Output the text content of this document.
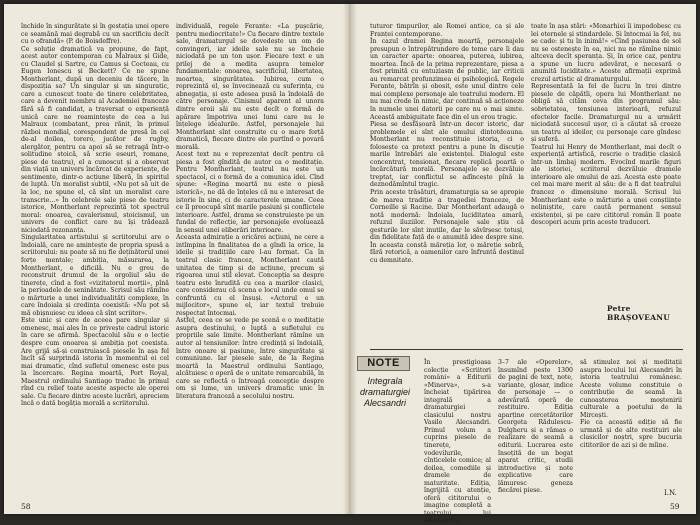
închide în singurătate și în gestația unei opere ce seamănă mai degrabă cu un sacrificiu decît cu o ofrandă» (P. de Boisdeffre).
Ce soluție dramatică va propune, de fapt, acest autor contemporan cu Malraux și Gide, cu Claudel și Sartre, cu Camus și Cocteau, cu Eugen Ionescu și Beckett? Ce ne spune Montherlant, după un deceniu de tăcere, în dispoziția sa? Un singular și un singuratic, care a cunoscut toate de tinere celebritatea, care a devenit membru al Academiei franceze fără să fi candidat, a traversat o experiență unică care ne reamintește de cea a lui Malraux (combatant, prea rănit, în primul război mondial, corespondent de presă în cel de-al doilea, torero, jucător de rugby, alergător, pentru ca apoi să se retragă într-o solitudine stoică, să scrie eseuri, romane, piese de teatru), el a cunoscut și a observat din viață un univers încărcat de experiențe, de sentimente, dintr-o acțiune liberă, în spiritul de luptă. Un moralist subtil, «Nu pot să uit de la loc, ne spune el, că sînt un moralist care transcrie...» În celebrele sale piese de teatru istorice, Montherlant reprezintă tot spectrul moral: onoarea, cavalerismul, stoicismul, un univers de conflict care nu își trădează niciodată rezonanța.
Singularitatea artistului și scriitorului are o îndoială, care ne amintește de propria spusă a scriitorului: nu poate să nu fie deținătorul unei forțe mentale; ambiția, măsurarea, la Montherlant, e dificilă. Nu e greu de reconstruit drumul de la orgoliul său de tinerețe, cînd a fost «vizitatorul morții», pînă la perioadele de seninătate. Scrisul său rămîne o mărturie a unei individualități complexe, în care îndoiala și credința coexistă: «Nu pot să mă obișnuiesc cu ideea că sînt scriitor».
Este unic și care de aceea pare singular și omenesc, mai ales în ce privește cadrul istoric în care se afirmă. Spectacolul său e o lecție despre cum onoarea și ambiția pot coexista. Are grijă să-și construiască piesele în așa fel încît să surprindă istoria în momentul ei cel mai dramatic, cînd sufletul omenesc este pus la încercare. Regina moartă, Port Royal, Maestrul ordinului Santiago traduc în primul rînd cu relief toate aceste aspecte ale operei sale. Cu fiecare dintre aceste lucrări, apreciem încă o dată bogăția morală a scriitorului.
individuală, regele Ferante: «La pușcărie, pentru mediocritate!» Cu fiecare dintre textele sale, dramaturgul se dovedește un om de convingeri, iar ideile sale nu se încheie niciodată pe un ton ușor. Fiecare text e un prilej de a medita asupra temelor fundamentale: onoarea, sacrificiul, libertatea, moartea, singurătatea. Iubirea, cum o reprezintă el, se învecinează cu suferința, cu abnegația, și este adesea pusă la îndoială de către personaje. Cinismul aparent al unora dintre eroii săi nu este decît o formă de apărare împotriva unei lumi care nu le înțelege idealurile. Astfel, personajele lui Montherlant sînt construite cu o mare forță dramatică, fiecare dintre ele purtînd o povară morală.
Acest text nu e reprezentat decît pentru că piesa a fost gîndită de autor ca o meditație. Pentru Montherlant, teatrul nu este un spectacol, ci o formă de a comunica idei. Cînd spune: «Regina moartă nu este o piesă istorică», ne dă de înțeles că nu e interesat de istorie în sine, ci de caracterele umane. Ceea ce îl preocupă sînt marile pasiuni și conflictele interioare. Astfel, drama se construiește pe un fundal de reflecție, iar personajele evoluează în sensul unei eliberări interioare.
Aceasta admirație a oricărei acțiuni, ne cere a intîmpina în finalitatea de a gîndi la orice, la ideile și tradițiile care l-au format. Ca în teatrul clasic francez, Montherlant caută unitatea de timp și de acțiune, precum și rigoarea unui stil elevat. Concepția sa despre teatru este înrudită cu cea a marilor clasici, care considerau că scena e locul unde omul se confruntă cu el însuși. «Actorul e un mijlocitor», spune el, iar textul trebuie respectat întocmai.
Astfel, ceea ce se vede pe scenă e o meditație asupra destinului, o luptă a sufletului cu propriile sale limite. Montherlant rămîne un autor al tensiunilor: între credință și îndoială, între onoare și pasiune, între singurătate și comuniune. Iar piesele sale, de la Regina moartă la Maestrul ordinului Santiago, alcătuiesc o operă de o unitate remarcabilă, în care se reflectă o întreagă concepție despre om și lume, un univers dramatic unic în literatura franceză a secolului nostru.
58
tuturor timpurilor, ale Romei antice, ca și ale Franței contemporane.
În cazul dramei Regina moartă, personajele presupun o întrepătrundere de teme care îi dau un caracter aparte: onoarea, puterea, iubirea, moartea. Încă de la prima reprezentare, piesa a fost primită cu entuziasm de public, iar criticii au remarcat profunzimea ei psihologică. Regele Ferante, bătrîn și obosit, este unul dintre cele mai complexe personaje ale teatrului modern. El nu mai crede în nimic, dar continuă să acționeze în numele unei datorii pe care nu o mai simte. Această ambiguitate face din el un erou tragic.
Piesa se desfășoară într-un decor istoric, dar problemele ei sînt ale omului dintotdeauna. Montherlant nu reconstituie istoria, ci o folosește ca pretext pentru a pune în discuție marile întrebări ale existenței. Dialogul este concentrat, tensionat, fiecare replică poartă o încărcătură morală. Personajele se dezvăluie treptat, iar conflictul se adîncește pînă la deznodămîntul tragic.
Prin aceste trăsături, dramaturgia sa se apropie de marea tradiție a tragediei franceze, de Corneille și Racine. Dar Montherlant adaugă o notă modernă: îndoiala, luciditatea amară, refuzul iluziilor. Personajele sale știu că gesturile lor sînt inutile, dar le săvîrșesc totuși, din fidelitate față de o anumită idee despre sine. În aceasta constă măreția lor, o măreție sobră, fără retorică, a oamenilor care înfruntă destinul cu demnitate.
toate în așa stări: «Monarhiei îi impodobesc cu lei eternele și stindardele. Și întocmai la fel, nu se cade: și tu în inimă!» «Cînd pasiunea de sol nu se ostenește în ea, nici nu ne rămîne nimic altceva decît speranța. Și, în orice caz, pentru a spune un lucru adevărat, e necesară o anumită luciditate.» Aceste afirmații exprimă crezul artistic al dramaturgului.
Representată la fel de lucru în trei dintre piesele de căpătîi, opera lui Montherlant ne obligă să cităm ceva din programul său: sobrietatea, tensiunea interioară, refuzul efectelor facile. Dramaturgul nu a urmărit niciodată succesul ușor, ci a căutat să creeze un teatru al ideilor, cu personaje care gîndesc și suferă.
Teatrul lui Henry de Montherlant, mai decît o experiență artistică, rescrie o tradiție clasică într-un limbaj modern. Evocînd marile figuri ale istoriei, scriitorul dezvăluie dramele interioare ale omului de azi. Acesta este poate cel mai mare merit al său: de a fi dat teatrului francez o dimensiune morală. Scrisul lui Montherlant este o mărturie a unei conștiințe neliniștite, care caută permanent sensul existenței, și pe care cititorul român îl poate descoperi acum prin aceste traduceri.
Petre BRAȘOVEANU
NOTE
Integrala dramaturgiei Alecsandri
În prestigioasa colecție «Scriitori români» a Editurii «Minerva», s-a încheiat tipărirea integrală a dramaturgiei clasicului nostru Vasile Alecsandri. Primul volum a cuprins piesele de tinerețe, vodevilurile, cînticelele comice; al doilea, comediile și dramele de maturitate. Ediția, îngrijită cu atenție, oferă cititorului o imagine completă a teatrului lui Alecsandri.
3–7 ale «Operelor», însumînd peste 1300 de pagini de text, note, variante, glosar, indice de personaje — o adevărată operă de restituire. Ediția aparține cercetătorilor Georgeta Rădulescu-Dulgheru și a rămas o realizare de seamă a editurii. Lucrarea este însoțită de un bogat aparat critic, studii introductive și note explicative care lămuresc geneza fiecărei piese.
să stimulez noi și meditații asupra locului lui Alecsandri în istoria teatrului românesc. Aceste volume constituie o contribuție de seamă la cunoașterea moștenirii culturale a poetului de la Mircești.
Fie ca această ediție să fie urmată și de alte restituiri ale clasicilor noștri, spre bucuria cititorilor de azi și de mîine.
I.N.
59
